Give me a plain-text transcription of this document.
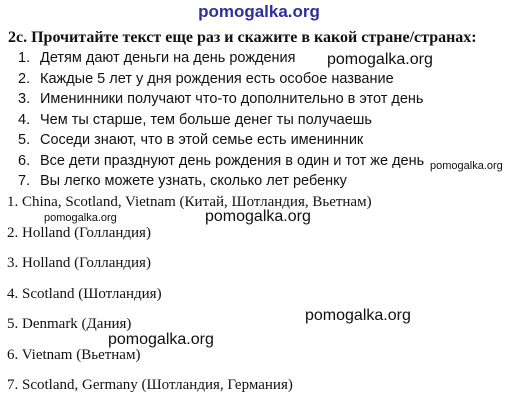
pomogalka.org
2c. Прочитайте текст еще раз и скажите в какой стране/странах:
1. Детям дают деньги на день рождения
2. Каждые 5 лет у дня рождения есть особое название
3. Именинники получают что-то дополнительно в этот день
4. Чем ты старше, тем больше денег ты получаешь
5. Соседи знают, что в этой семье есть именинник
6. Все дети празднуют день рождения в один и тот же день
7. Вы легко можете узнать, сколько лет ребенку
1. China, Scotland, Vietnam (Китай, Шотландия, Вьетнам)
2. Holland (Голландия)
3. Holland (Голландия)
4. Scotland (Шотландия)
5. Denmark (Дания)
6. Vietnam (Вьетнам)
7. Scotland, Germany (Шотландия, Германия)
pomogalka.org
pomogalka.org
pomogalka.org	pomogalka.org
pomogalka.org
pomogalka.org
